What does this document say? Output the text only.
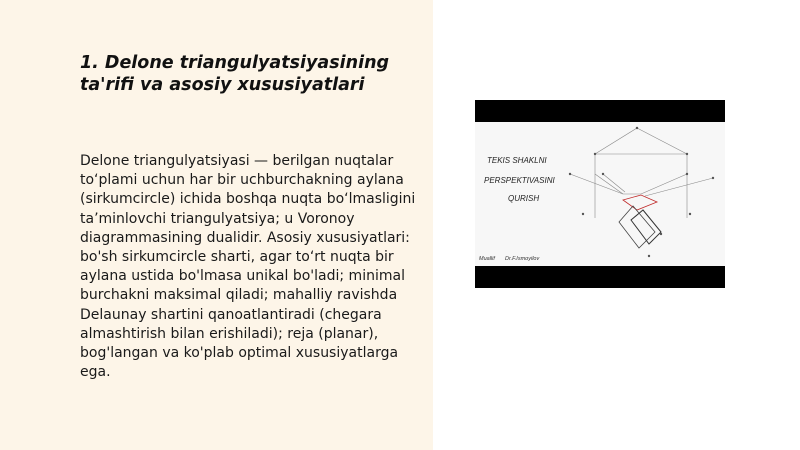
1. Delone triangulyatsiyasining ta'rifi va asosiy xususiyatlari

Delone triangulyatsiyasi — berilgan nuqtalar to‘plami uchun har bir uchburchakning aylana (sirkumcircle) ichida boshqa nuqta bo‘lmasligini ta’minlovchi triangulyatsiya; u Voronoy diagrammasining dualidir. Asosiy xususiyatlari: bo'sh sirkumcircle sharti, agar to‘rt nuqta bir aylana ustida bo'lmasa unikal bo'ladi; minimal burchakni maksimal qiladi; mahalliy ravishda Delaunay shartini qanoatlantiradi (chegara almashtirish bilan erishiladi); reja (planar), bog'langan va ko'plab optimal xususiyatlarga ega.

TEKIS SHAKLNI
PERSPEKTIVASINI
QURISH
Muallif Dr.F.Ismoyilov
